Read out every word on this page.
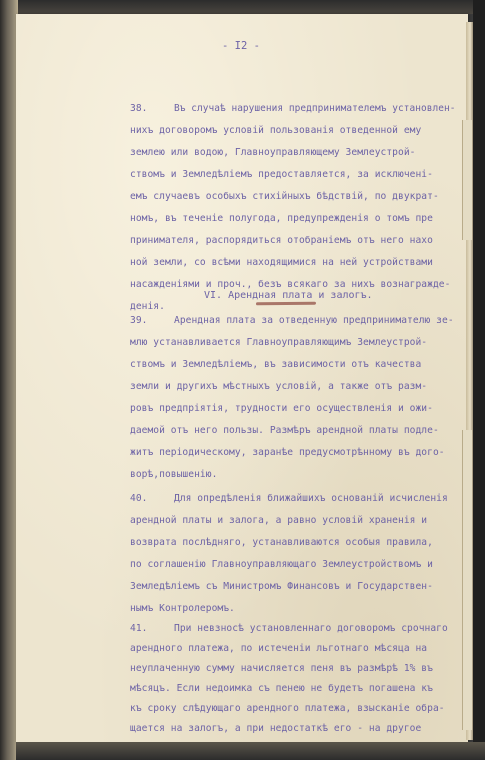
- I2 -
38.	Въ случаѣ нарушения предпринимателемъ установлен-
нихъ договоромъ условій пользованія отведенной ему
землею или водою, Главноуправляющему Землеустрой-
ствомъ и Земледѣліемъ предоставляется, за исключені-
емъ случаевъ особыхъ стихійныхъ бѣдствій, по двукрат-
номъ, въ теченіе полугода, предупрежденія о томъ пре
принимателя, распорядиться отобраніемъ отъ него нахо
ной земли, со всѣми находящимися на ней устройствами
насажденіями и проч., безъ всякаго за нихъ вознагражде-
денія.
VI. Арендная плата и залогъ.
39.	Арендная плата за отведенную предпринимателю зе-
млю устанавливается Главноуправляющимъ Землеустрой-
ствомъ и Земледѣліемъ, въ зависимости отъ качества
земли и другихъ мѣстныхъ условій, а также отъ разм-
ровъ предпріятія, трудности его осуществленія и ожи-
даемой отъ него пользы. Размѣръ арендной платы подле-
житъ періодическому, заранѣе предусмотрѣнному въ дого-
ворѣ,повышенію.
40.	Для опредѣленія ближайшихъ основаній исчисленія
арендной платы и залога, а равно условій храненія и
возврата послѣдняго, устанавливаются особыя правила,
по соглашенію Главноуправляющаго Землеустройствомъ и
Земледѣліемъ съ Министромъ Финансовъ и Государствен-
нымъ Контролеромъ.
41.	При невзносѣ установленнаго договоромъ срочнаго
арендного платежа, по истеченіи льготнаго мѣсяца на
неуплаченную сумму начисляется пеня въ размѣрѣ 1% въ
мѣсяцъ. Если недоимка съ пенею не будетъ погашена къ
къ сроку слѣдующаго арендного платежа, взысканіе обра-
щается на залогъ, а при недостаткѣ его - на другое
